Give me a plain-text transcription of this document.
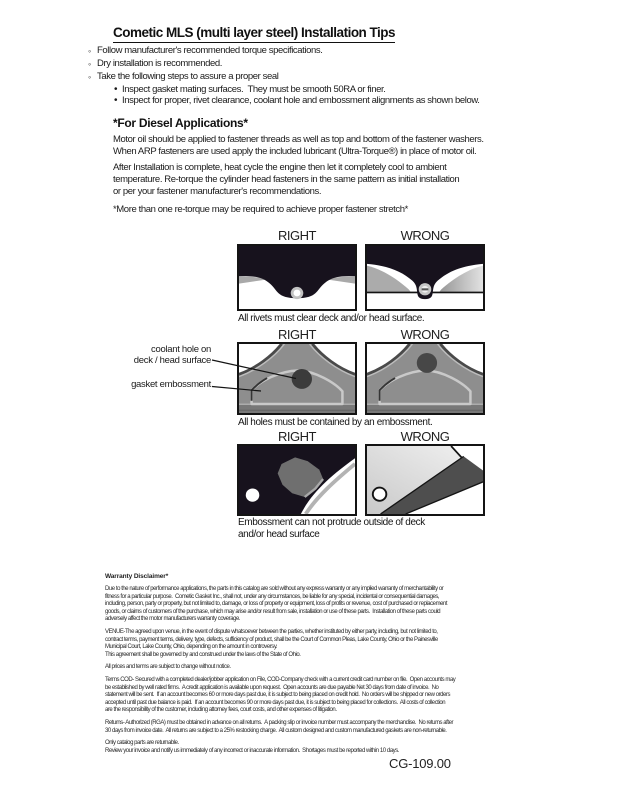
Cometic MLS (multi layer steel) Installation Tips
◦ Follow manufacturer's recommended torque specifications.
◦ Dry installation is recommended.
◦ Take the following steps to assure a proper seal
• Inspect gasket mating surfaces.  They must be smooth 50RA or finer.
• Inspect for proper, rivet clearance, coolant hole and embossment alignments as shown below.
*For Diesel Applications*
Motor oil should be applied to fastener threads as well as top and bottom of the fastener washers.
When ARP fasteners are used apply the included lubricant (Ultra-Torque®) in place of motor oil.
After Installation is complete, heat cycle the engine then let it completely cool to ambient
temperature. Re-torque the cylinder head fasteners in the same pattern as initial installation
or per your fastener manufacturer's recommendations.
*More than one re-torque may be required to achieve proper fastener stretch*
RIGHT	WRONG
All rivets must clear deck and/or head surface.
RIGHT	WRONG
coolant hole on
deck / head surface
gasket embossment
All holes must be contained by an embossment.
RIGHT	WRONG
Embossment can not protrude outside of deck
and/or head surface
Warranty Disclaimer*
Due to the nature of performance applications, the parts in this catalog are sold without any express warranty or any implied warranty of merchantability or
fitness for a particular purpose.  Cometic Gasket Inc., shall not, under any circumstances, be liable for any special, incidental or consequential damages,
including, person, party or property, but not limited to, damage, or loss of property or equipment, loss of profits or revenue, cost of purchased or replacement
goods, or claims of customers of the purchase, which may arise and/or result from sale, installation or use of these parts.  Installation of these parts could
adversely affect the motor manufacturers warranty coverage.
VENUE-The agreed upon venue, in the event of dispute whatsoever between the parties, whether instituted by either party, including, but not limited to,
contract terms, payment terms, delivery, type, defects, sufficiency of product, shall be the Court of Common Pleas, Lake County, Ohio or the Painesville
Municipal Court, Lake County, Ohio, depending on the amount in controversy.
This agreement shall be governed by and construed under the laws of the State of Ohio.
All prices and terms are subject to change without notice.
Terms COD- Secured with a completed dealer/jobber application on File, COD-Company check with a current credit card number on file.  Open accounts may
be established by well rated firms.  A credit application is available upon request.  Open accounts are due payable Net 30 days from date of invoice.  No
statement will be sent.  If an account becomes 60 or more days past due, it is subject to being placed on credit hold.  No orders will be shipped or new orders
accepted until past due balance is paid.  If an account becomes 90 or more days past due, it is subject to being placed for collections.  All costs of collection
are the responsibility of the customer, including attorney fees, court costs, and other expenses of litigation.
Returns- Authorized (RGA) must be obtained in advance on all returns.  A packing slip or invoice number must accompany the merchandise.  No returns after
30 days from invoice date.  All returns are subject to a 25% restocking charge.  All custom designed and custom manufactured gaskets are non-returnable.
Only catalog parts are returnable.
Review your invoice and notify us immediately of any incorrect or inaccurate information.  Shortages must be reported within 10 days.
CG-109.00
